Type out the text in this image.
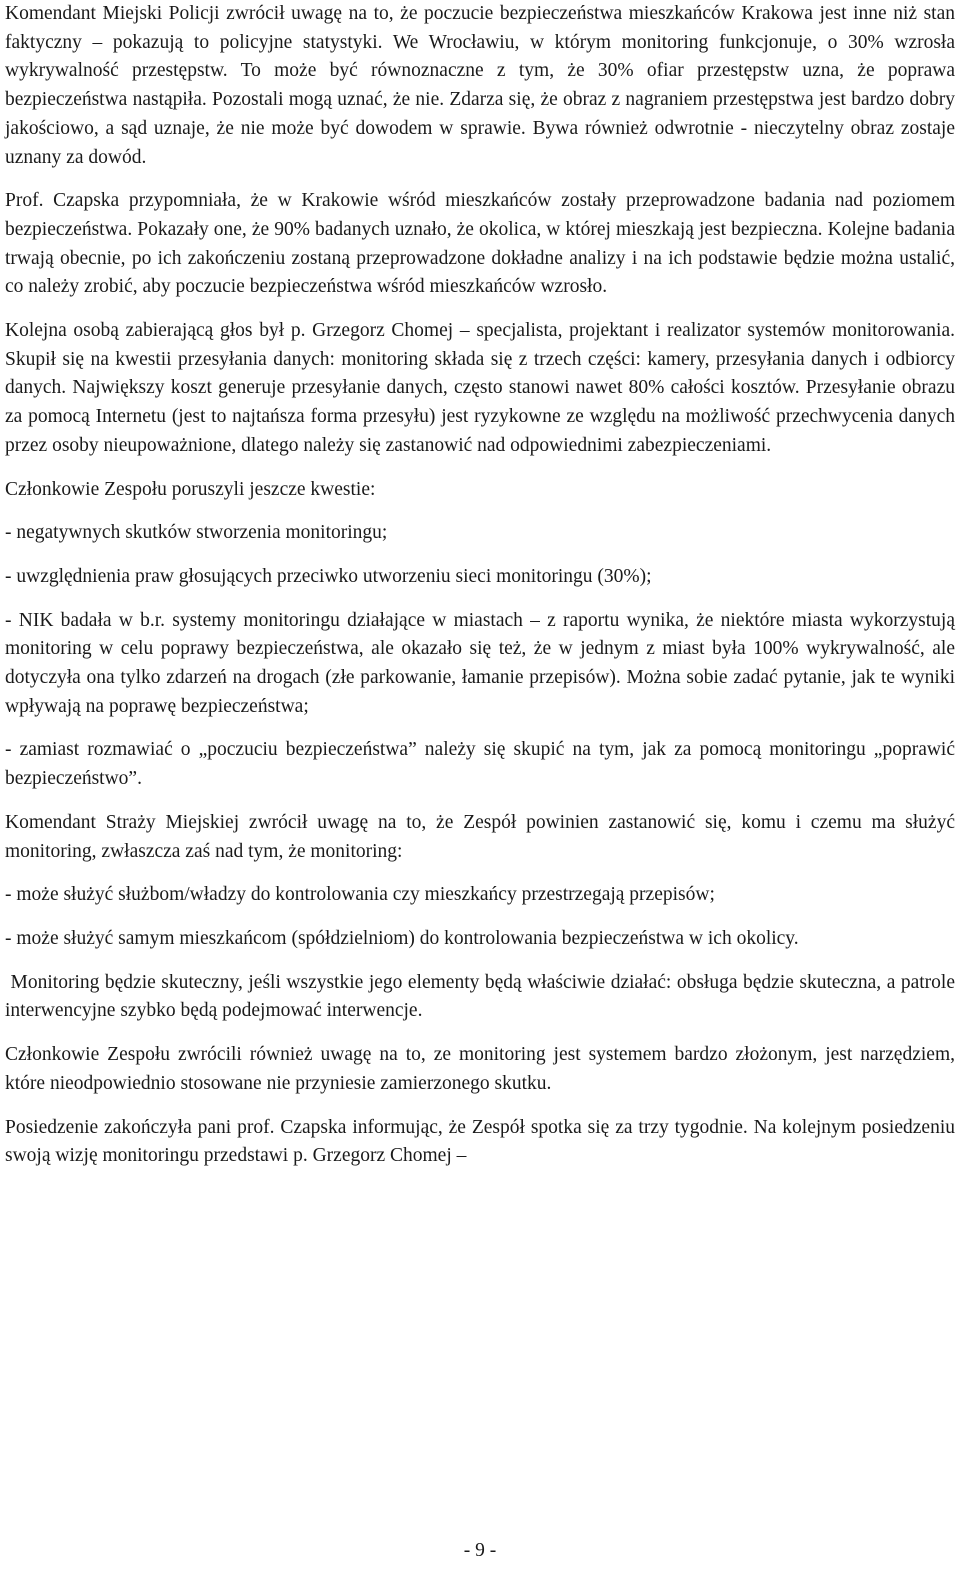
Komendant Miejski Policji zwrócił uwagę na to, że poczucie bezpieczeństwa mieszkańców Krakowa jest inne niż stan faktyczny – pokazują to policyjne statystyki. We Wrocławiu, w którym monitoring funkcjonuje, o 30% wzrosła wykrywalność przestępstw. To może być równoznaczne z tym, że 30% ofiar przestępstw uzna, że poprawa bezpieczeństwa nastąpiła. Pozostali mogą uznać, że nie. Zdarza się, że obraz z nagraniem przestępstwa jest bardzo dobry jakościowo, a sąd uznaje, że nie może być dowodem w sprawie. Bywa również odwrotnie - nieczytelny obraz zostaje uznany za dowód.

Prof. Czapska przypomniała, że w Krakowie wśród mieszkańców zostały przeprowadzone badania nad poziomem bezpieczeństwa. Pokazały one, że 90% badanych uznało, że okolica, w której mieszkają jest bezpieczna. Kolejne badania trwają obecnie, po ich zakończeniu zostaną przeprowadzone dokładne analizy i na ich podstawie będzie można ustalić, co należy zrobić, aby poczucie bezpieczeństwa wśród mieszkańców wzrosło.

Kolejna osobą zabierającą głos był p. Grzegorz Chomej – specjalista, projektant i realizator systemów monitorowania. Skupił się na kwestii przesyłania danych: monitoring składa się z trzech części: kamery, przesyłania danych i odbiorcy danych. Największy koszt generuje przesyłanie danych, często stanowi nawet 80% całości kosztów. Przesyłanie obrazu za pomocą Internetu (jest to najtańsza forma przesyłu) jest ryzykowne ze względu na możliwość przechwycenia danych przez osoby nieupoważnione, dlatego należy się zastanowić nad odpowiednimi zabezpieczeniami.

Członkowie Zespołu poruszyli jeszcze kwestie:

- negatywnych skutków stworzenia monitoringu;

- uwzględnienia praw głosujących przeciwko utworzeniu sieci monitoringu (30%);

- NIK badała w b.r. systemy monitoringu działające w miastach – z raportu wynika, że niektóre miasta wykorzystują monitoring w celu poprawy bezpieczeństwa, ale okazało się też, że w jednym z miast była 100% wykrywalność, ale dotyczyła ona tylko zdarzeń na drogach (złe parkowanie, łamanie przepisów). Można sobie zadać pytanie, jak te wyniki wpływają na poprawę bezpieczeństwa;

- zamiast rozmawiać o „poczuciu bezpieczeństwa” należy się skupić na tym, jak za pomocą monitoringu „poprawić bezpieczeństwo”.

Komendant Straży Miejskiej zwrócił uwagę na to, że Zespół powinien zastanowić się, komu i czemu ma służyć monitoring, zwłaszcza zaś nad tym, że monitoring:

- może służyć służbom/władzy do kontrolowania czy mieszkańcy przestrzegają przepisów;

- może służyć samym mieszkańcom (spółdzielniom) do kontrolowania bezpieczeństwa w ich okolicy.

Monitoring będzie skuteczny, jeśli wszystkie jego elementy będą właściwie działać: obsługa będzie skuteczna, a patrole interwencyjne szybko będą podejmować interwencje.

Członkowie Zespołu zwrócili również uwagę na to, ze monitoring jest systemem bardzo złożonym, jest narzędziem, które nieodpowiednio stosowane nie przyniesie zamierzonego skutku.

Posiedzenie zakończyła pani prof. Czapska informując, że Zespół spotka się za trzy tygodnie. Na kolejnym posiedzeniu swoją wizję monitoringu przedstawi p. Grzegorz Chomej –

- 9 -
